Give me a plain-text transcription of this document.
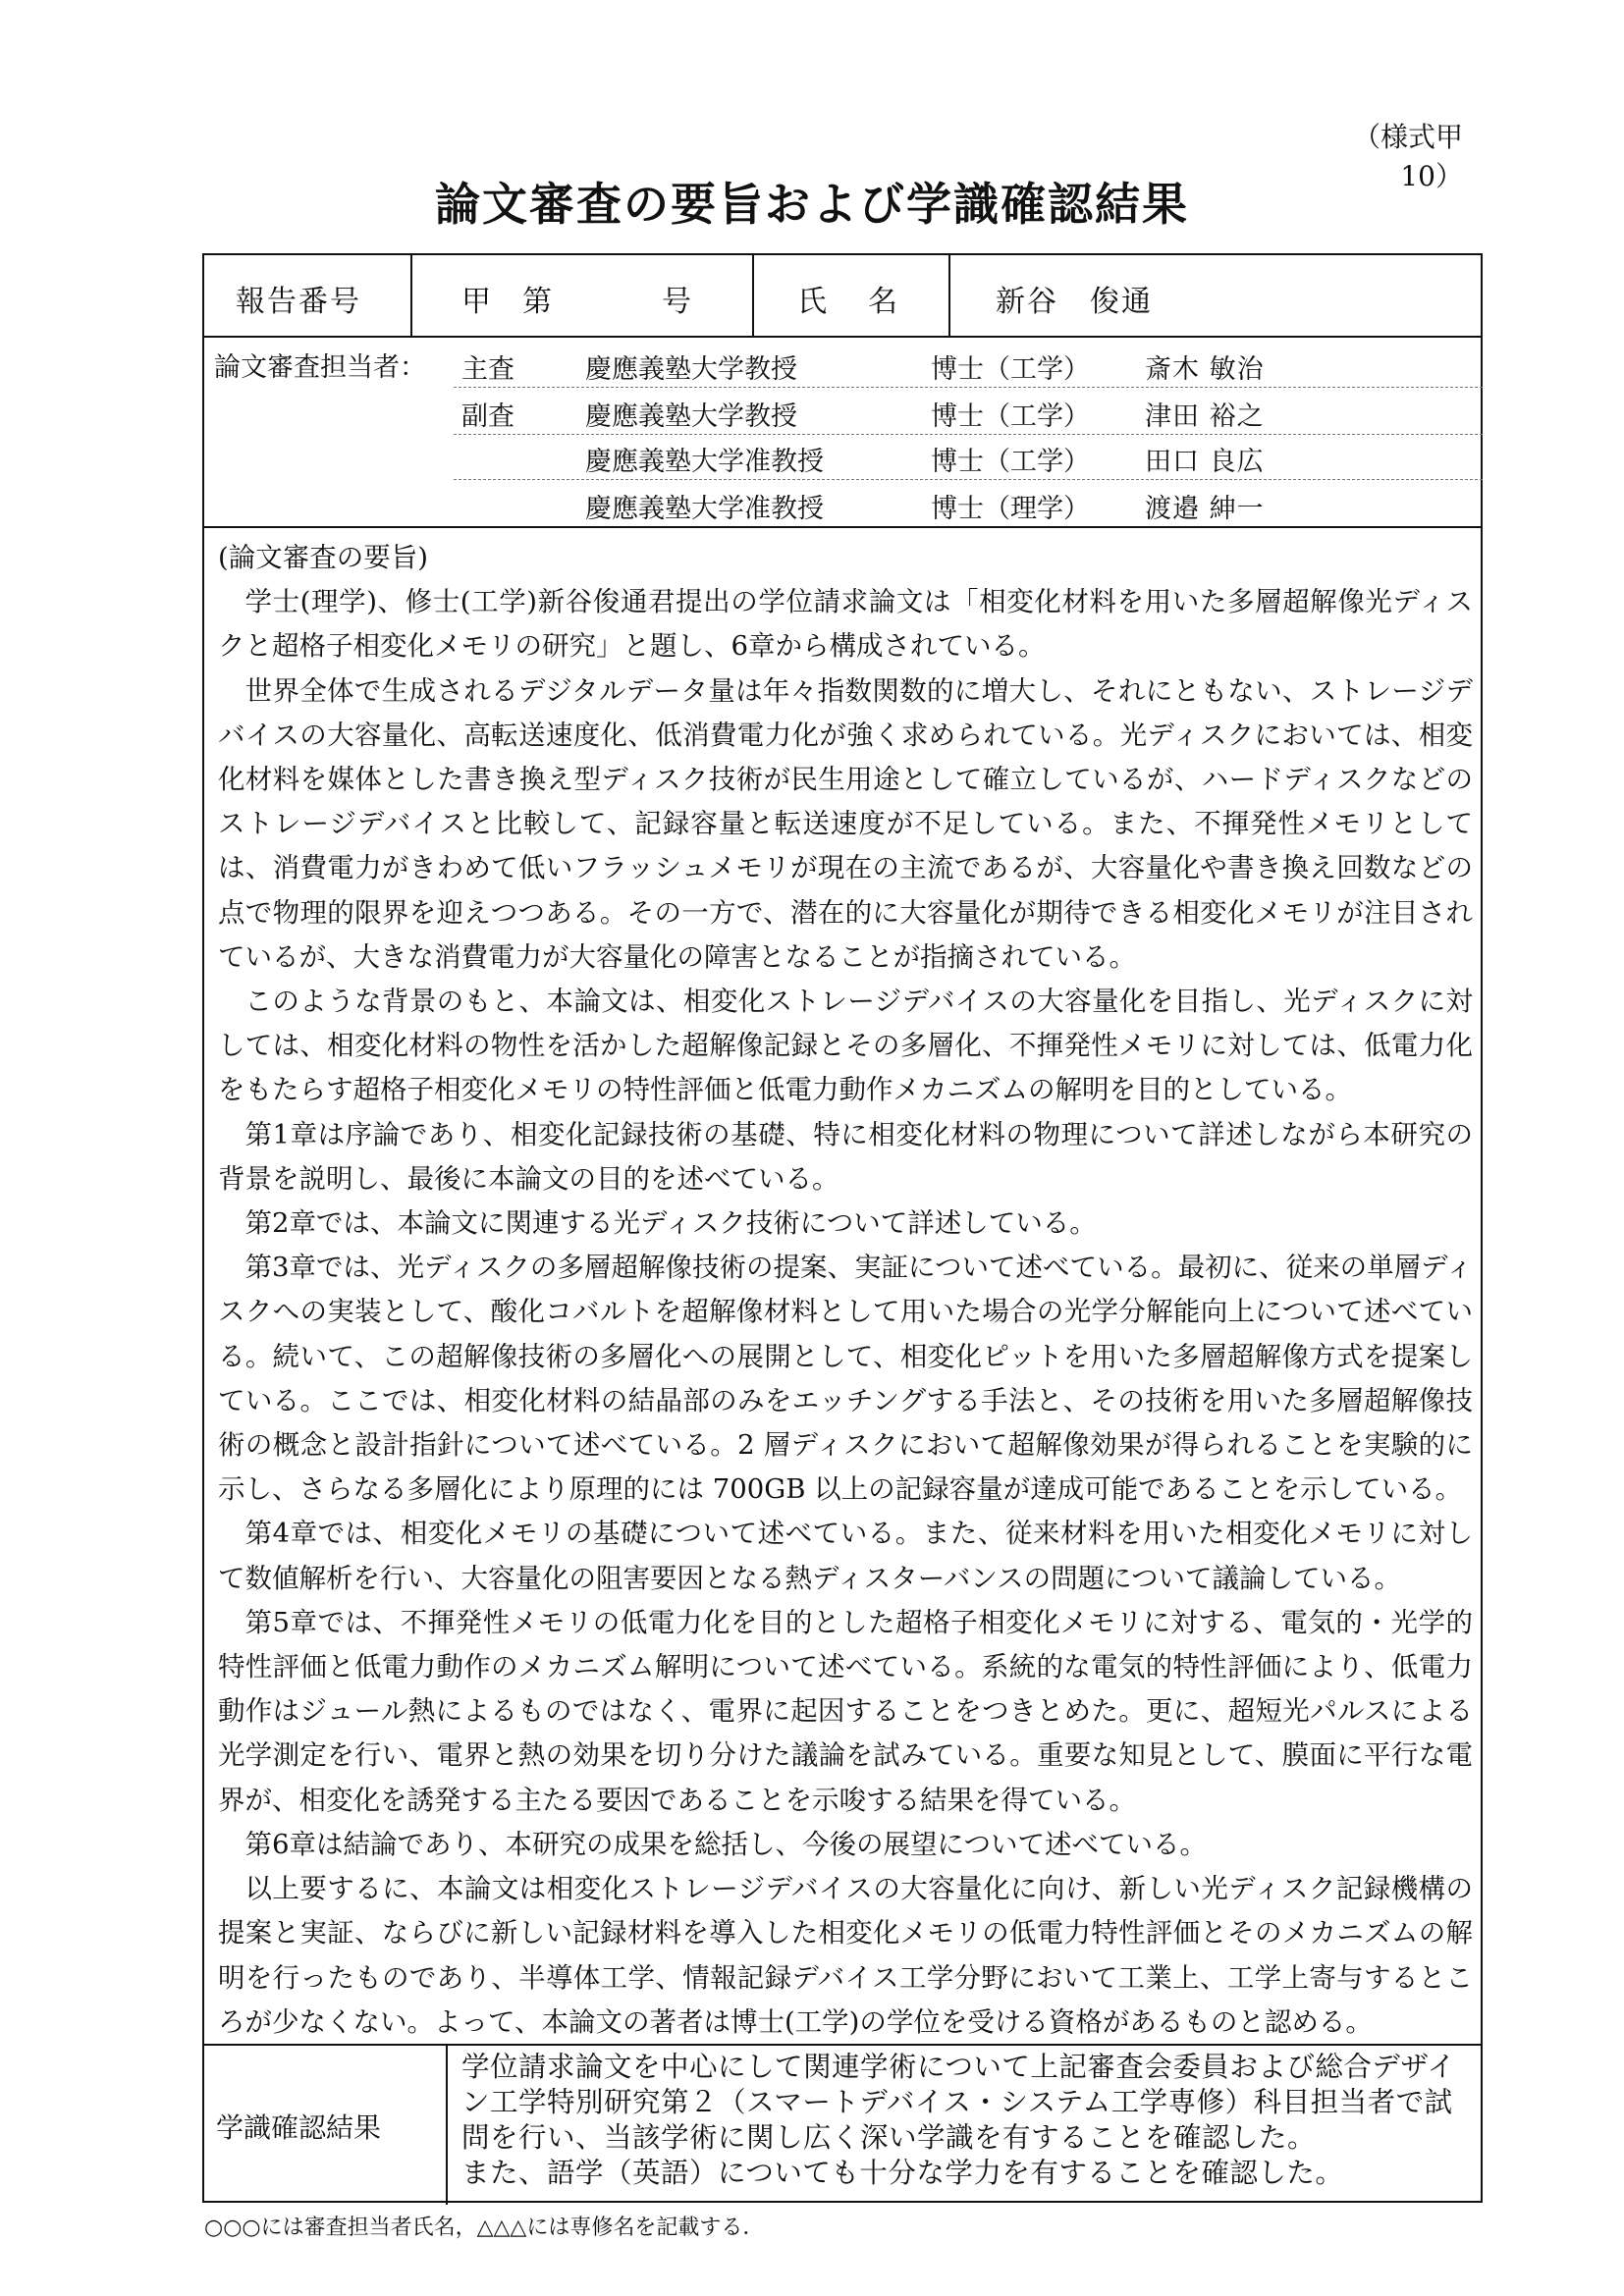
（様式甲 10）
論文審査の要旨および学識確認結果
報告番号	甲 第	号	氏　名	新谷　俊通
論文審査担当者： 主査	慶應義塾大学教授	博士（工学） 斎木 敏治
副査	慶應義塾大学教授	博士（工学） 津田 裕之
慶應義塾大学准教授	博士（工学） 田口 良広
慶應義塾大学准教授	博士（理学） 渡邉 紳一

(論文審査の要旨)

学士(理学)、修士(工学)新谷俊通君提出の学位請求論文は「相変化材料を用いた多層超解像光ディスクと超格子相変化メモリの研究」と題し、6章から構成されている。

世界全体で生成されるデジタルデータ量は年々指数関数的に増大し、それにともない、ストレージデバイスの大容量化、高転送速度化、低消費電力化が強く求められている。光ディスクにおいては、相変化材料を媒体とした書き換え型ディスク技術が民生用途として確立しているが、ハードディスクなどのストレージデバイスと比較して、記録容量と転送速度が不足している。また、不揮発性メモリとしては、消費電力がきわめて低いフラッシュメモリが現在の主流であるが、大容量化や書き換え回数などの点で物理的限界を迎えつつある。その一方で、潜在的に大容量化が期待できる相変化メモリが注目されているが、大きな消費電力が大容量化の障害となることが指摘されている。

このような背景のもと、本論文は、相変化ストレージデバイスの大容量化を目指し、光ディスクに対しては、相変化材料の物性を活かした超解像記録とその多層化、不揮発性メモリに対しては、低電力化をもたらす超格子相変化メモリの特性評価と低電力動作メカニズムの解明を目的としている。

第1章は序論であり、相変化記録技術の基礎、特に相変化材料の物理について詳述しながら本研究の背景を説明し、最後に本論文の目的を述べている。

第2章では、本論文に関連する光ディスク技術について詳述している。

第3章では、光ディスクの多層超解像技術の提案、実証について述べている。最初に、従来の単層ディスクへの実装として、酸化コバルトを超解像材料として用いた場合の光学分解能向上について述べている。続いて、この超解像技術の多層化への展開として、相変化ピットを用いた多層超解像方式を提案している。ここでは、相変化材料の結晶部のみをエッチングする手法と、その技術を用いた多層超解像技術の概念と設計指針について述べている。2 層ディスクにおいて超解像効果が得られることを実験的に示し、さらなる多層化により原理的には 700GB 以上の記録容量が達成可能であることを示している。

第4章では、相変化メモリの基礎について述べている。また、従来材料を用いた相変化メモリに対して数値解析を行い、大容量化の阻害要因となる熱ディスターバンスの問題について議論している。

第5章では、不揮発性メモリの低電力化を目的とした超格子相変化メモリに対する、電気的・光学的特性評価と低電力動作のメカニズム解明について述べている。系統的な電気的特性評価により、低電力動作はジュール熱によるものではなく、電界に起因することをつきとめた。更に、超短光パルスによる光学測定を行い、電界と熱の効果を切り分けた議論を試みている。重要な知見として、膜面に平行な電界が、相変化を誘発する主たる要因であることを示唆する結果を得ている。

第6章は結論であり、本研究の成果を総括し、今後の展望について述べている。

以上要するに、本論文は相変化ストレージデバイスの大容量化に向け、新しい光ディスク記録機構の提案と実証、ならびに新しい記録材料を導入した相変化メモリの低電力特性評価とそのメカニズムの解明を行ったものであり、半導体工学、情報記録デバイス工学分野において工業上、工学上寄与するところが少なくない。よって、本論文の著者は博士(工学)の学位を受ける資格があるものと認める。

学識確認結果

学位請求論文を中心にして関連学術について上記審査会委員および総合デザイン工学特別研究第２（スマートデバイス・システム工学専修）科目担当者で試問を行い、当該学術に関し広く深い学識を有することを確認した。

また、語学（英語）についても十分な学力を有することを確認した。

○○○には審査担当者氏名，△△△には専修名を記載する．
